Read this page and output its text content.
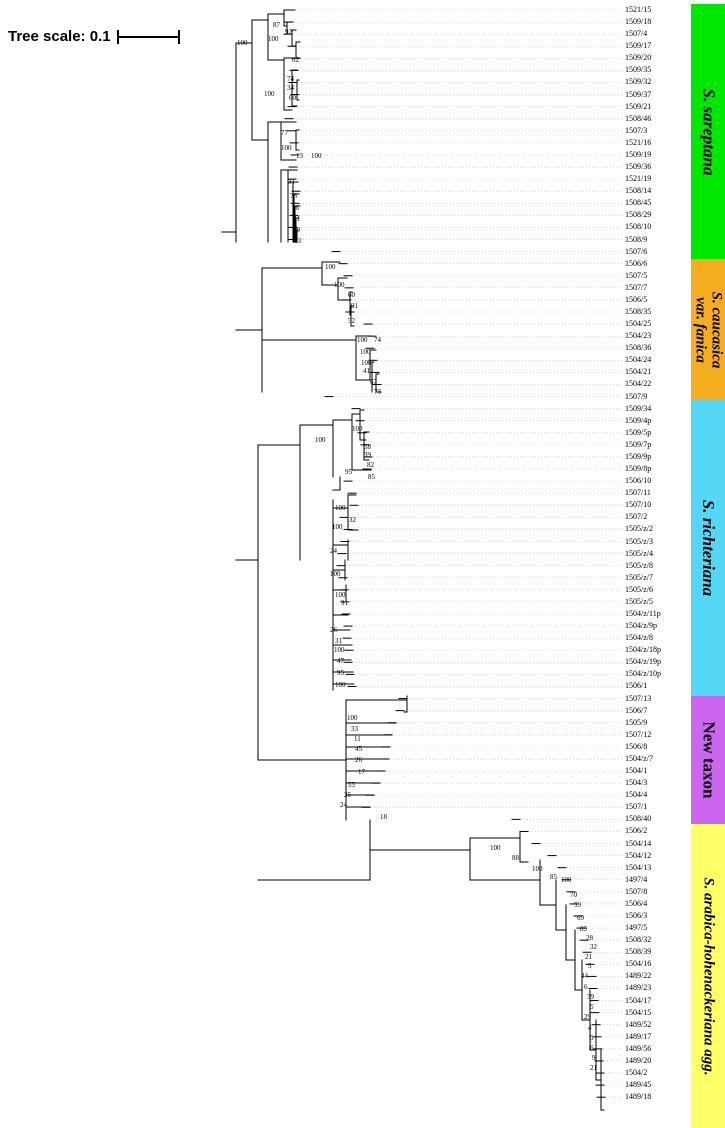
Tree scale: 0.1
1521/15
1509/18
1507/4
1509/17
1509/20
1509/35
1509/32
1509/37
1509/21
1508/46
1507/3
1521/16
1509/19
1509/36
1521/19
1508/14
1508/45
1508/29
1508/10
1508/9
1507/6
1506/6
1507/5
1507/7
1506/5
1508/35
1504/25
1504/23
1508/36
1504/24
1504/21
1504/22
1507/9
1509/34
1509/4p
1509/5p
1509/7p
1509/9p
1509/8p
1506/10
1507/11
1507/10
1507/2
1505/z/2
1505/z/3
1505/z/4
1505/z/8
1505/z/7
1505/z/6
1505/z/5
1504/z/11p
1504/z/9p
1504/z/8
1504/z/18p
1504/z/19p
1504/z/10p
1506/1
1507/13
1506/7
1505/9
1507/12
1506/8
1504/z/7
1504/1
1504/3
1504/4
1507/1
1508/40
1506/2
1504/14
1504/12
1504/13
1497/4
1507/8
1506/4
1506/3
1497/5
1508/32
1508/39
1504/16
1489/22
1489/23
1504/17
1504/15
1489/52
1489/17
1489/56
1489/20
1504/2
1489/45
1489/18
100
87
92
100
62
100
74
34
60
77
100
13 100
31
78
96
81
39
83
100
100
60
91
52
100 74
100
100
41
67
73
100
100
58
39
82
95
85
100
32
100
24
100
100
91
26
31
100
47
95
100
100
33
11
45
26
17
55
25
24
18
100
88
100
85 100
70
59
69
89
28
32
21
5
44
6
39
5
29
4
5
6
9
21
S. sareptana
S. caucasica
var. fanica
S. richteriana
New taxon
S. arabica-hohenackeriana agg.
